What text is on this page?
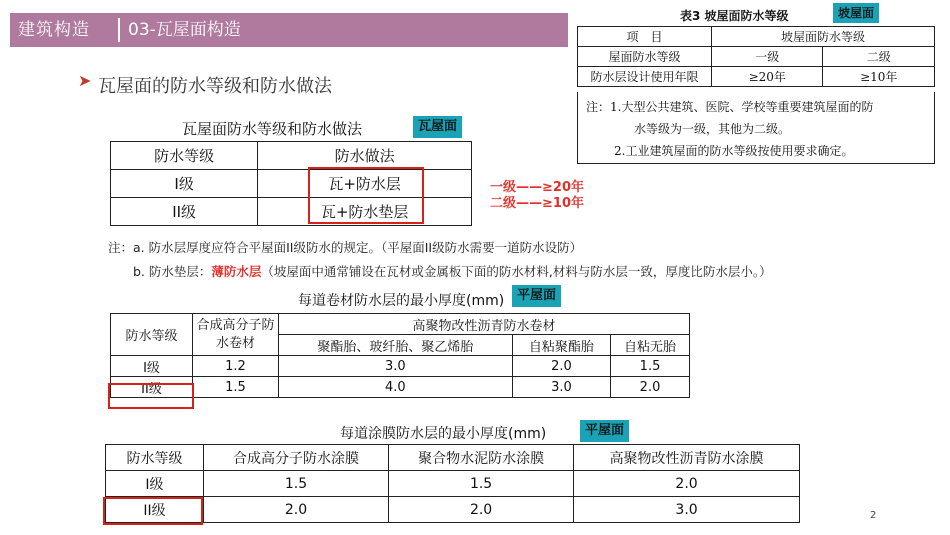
建筑构造 03-瓦屋面构造
➤ 瓦屋面的防水等级和防水做法
瓦屋面防水等级和防水做法	瓦屋面
防水等级	防水做法
I级	瓦+防水层
II级	瓦+防水垫层
一级——≥20年
二级——≥10年
注：a. 防水层厚度应符合平屋面II级防水的规定。（平屋面II级防水需要一道防水设防）
b. 防水垫层：薄防水层（坡屋面中通常铺设在瓦材或金属板下面的防水材料,材料与防水层一致，厚度比防水层小。）
每道卷材防水层的最小厚度(mm) 平屋面
防水等级	合成高分子防水卷材	高聚物改性沥青防水卷材		
		聚酯胎、玻纤胎、聚乙烯胎	自粘聚酯胎	自粘无胎
I级	1.2	3.0	2.0	1.5
II级	1.5	4.0	3.0	2.0
每道涂膜防水层的最小厚度(mm)	平屋面
防水等级	合成高分子防水涂膜	聚合物水泥防水涂膜	高聚物改性沥青防水涂膜
I级	1.5	1.5	2.0
II级	2.0	2.0	3.0
表3 坡屋面防水等级	坡屋面
项　目	坡屋面防水等级	
屋面防水等级	一级	二级
防水层设计使用年限	≥20年	≥10年
注：1.大型公共建筑、医院、学校等重要建筑屋面的防
水等级为一级，其他为二级。
2.工业建筑屋面的防水等级按使用要求确定。
2
